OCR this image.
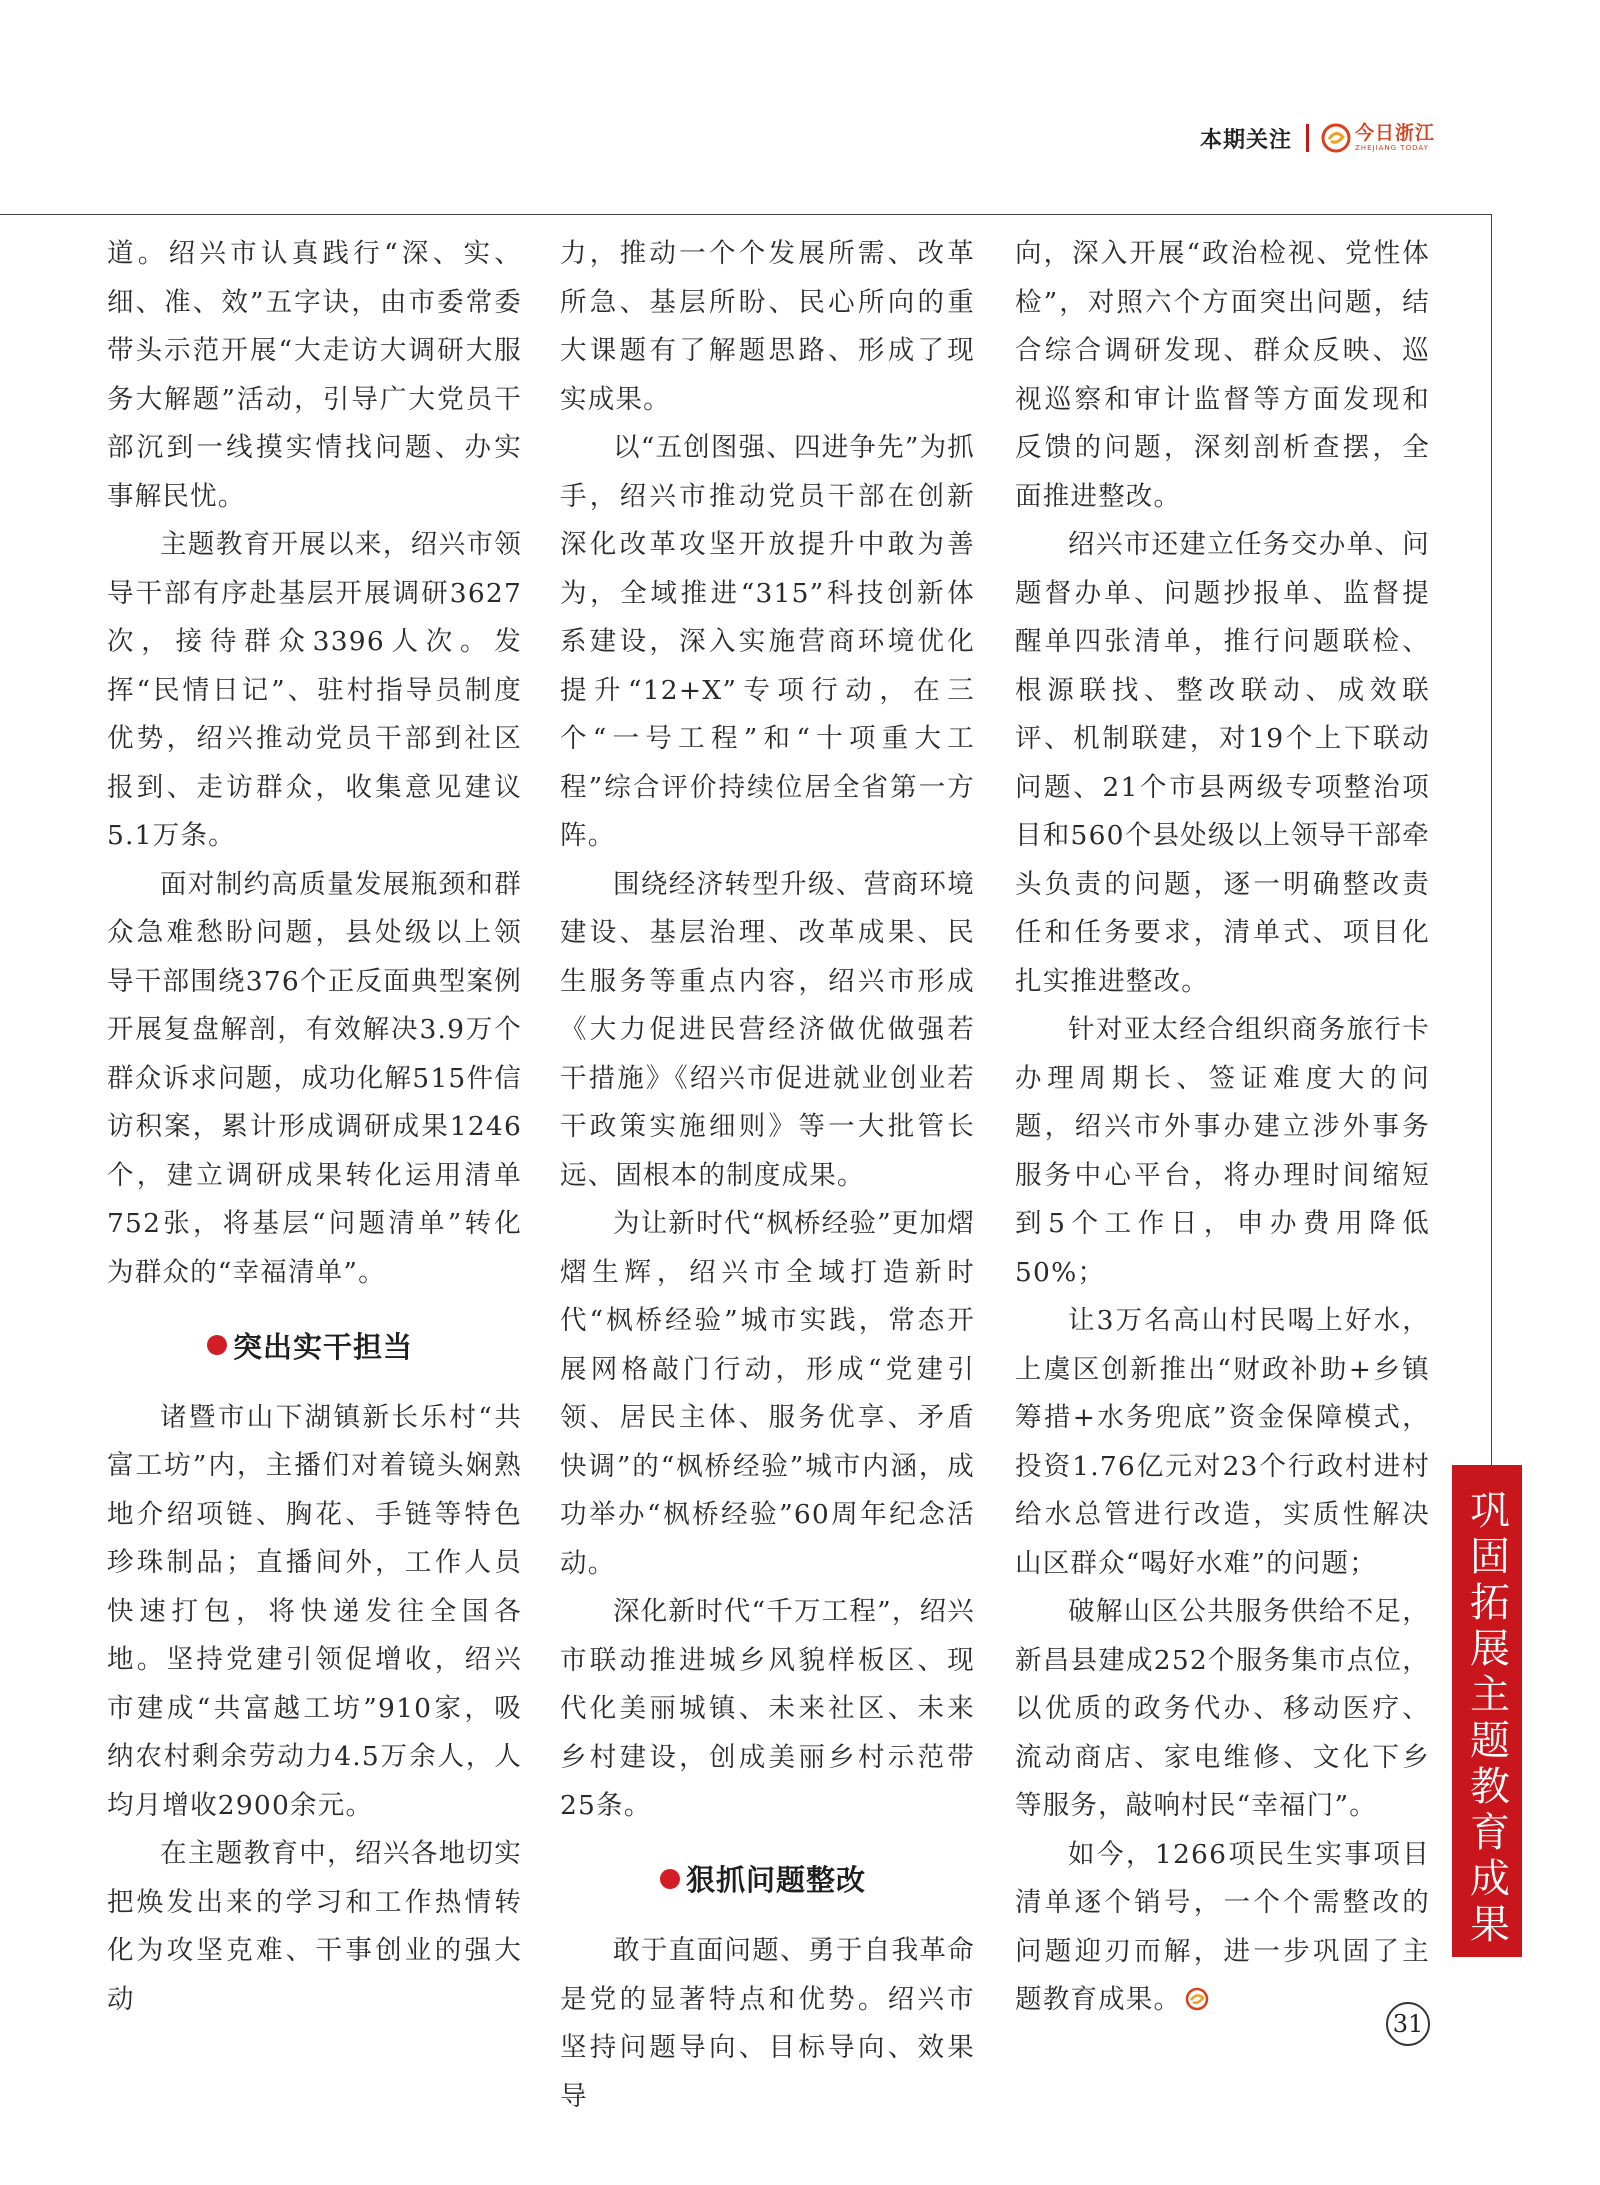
本期关注	今日浙江
ZHEJIANG TODAY

道。绍兴市认真践行“深、实、细、准、效”五字诀，由市委常委带头示范开展“大走访大调研大服务大解题”活动，引导广大党员干部沉到一线摸实情找问题、办实事解民忧。

主题教育开展以来，绍兴市领导干部有序赴基层开展调研3627次，接待群众3396人次。发挥“民情日记”、驻村指导员制度优势，绍兴推动党员干部到社区报到、走访群众，收集意见建议5.1万条。

面对制约高质量发展瓶颈和群众急难愁盼问题，县处级以上领导干部围绕376个正反面典型案例开展复盘解剖，有效解决3.9万个群众诉求问题，成功化解515件信访积案，累计形成调研成果1246个，建立调研成果转化运用清单752张，将基层“问题清单”转化为群众的“幸福清单”。

突出实干担当

诸暨市山下湖镇新长乐村“共富工坊”内，主播们对着镜头娴熟地介绍项链、胸花、手链等特色珍珠制品；直播间外，工作人员快速打包，将快递发往全国各地。坚持党建引领促增收，绍兴市建成“共富越工坊”910家，吸纳农村剩余劳动力4.5万余人，人均月增收2900余元。

在主题教育中，绍兴各地切实把焕发出来的学习和工作热情转化为攻坚克难、干事创业的强大动

力，推动一个个发展所需、改革所急、基层所盼、民心所向的重大课题有了解题思路、形成了现实成果。

以“五创图强、四进争先”为抓手，绍兴市推动党员干部在创新深化改革攻坚开放提升中敢为善为，全域推进“315”科技创新体系建设，深入实施营商环境优化提升“12+X”专项行动，在三个“一号工程”和“十项重大工程”综合评价持续位居全省第一方阵。

围绕经济转型升级、营商环境建设、基层治理、改革成果、民生服务等重点内容，绍兴市形成《大力促进民营经济做优做强若干措施》《绍兴市促进就业创业若干政策实施细则》等一大批管长远、固根本的制度成果。

为让新时代“枫桥经验”更加熠熠生辉，绍兴市全域打造新时代“枫桥经验”城市实践，常态开展网格敲门行动，形成“党建引领、居民主体、服务优享、矛盾快调”的“枫桥经验”城市内涵，成功举办“枫桥经验”60周年纪念活动。

深化新时代“千万工程”，绍兴市联动推进城乡风貌样板区、现代化美丽城镇、未来社区、未来乡村建设，创成美丽乡村示范带25条。

狠抓问题整改

敢于直面问题、勇于自我革命是党的显著特点和优势。绍兴市坚持问题导向、目标导向、效果导

向，深入开展“政治检视、党性体检”，对照六个方面突出问题，结合综合调研发现、群众反映、巡视巡察和审计监督等方面发现和反馈的问题，深刻剖析查摆，全面推进整改。

绍兴市还建立任务交办单、问题督办单、问题抄报单、监督提醒单四张清单，推行问题联检、根源联找、整改联动、成效联评、机制联建，对19个上下联动问题、21个市县两级专项整治项目和560个县处级以上领导干部牵头负责的问题，逐一明确整改责任和任务要求，清单式、项目化扎实推进整改。

针对亚太经合组织商务旅行卡办理周期长、签证难度大的问题，绍兴市外事办建立涉外事务服务中心平台，将办理时间缩短到5个工作日，申办费用降低50%；

让3万名高山村民喝上好水，上虞区创新推出“财政补助+乡镇筹措+水务兜底”资金保障模式，投资1.76亿元对23个行政村进村给水总管进行改造，实质性解决山区群众“喝好水难”的问题；

破解山区公共服务供给不足，新昌县建成252个服务集市点位，以优质的政务代办、移动医疗、流动商店、家电维修、文化下乡等服务，敲响村民“幸福门”。

如今，1266项民生实事项目清单逐个销号，一个个需整改的问题迎刃而解，进一步巩固了主题教育成果。

巩固拓展主题教育成果
31
